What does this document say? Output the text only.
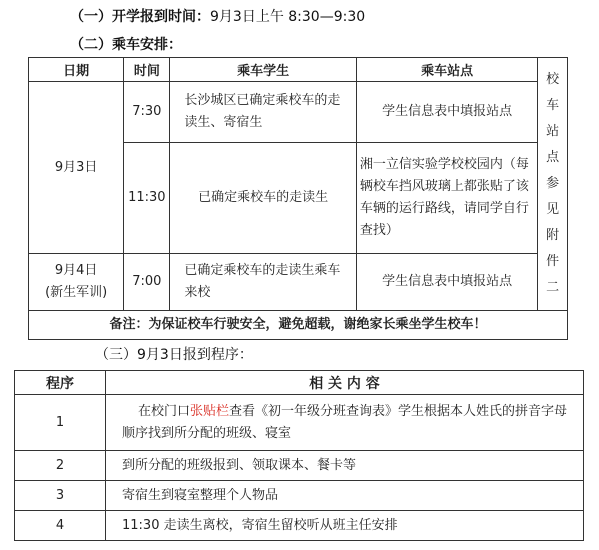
（一）开学报到时间：9月3日上午 8:30—9:30
（二）乘车安排：
日期	时间	乘车学生	乘车站点	校车站点参见附件二
9月3日	7:30	长沙城区已确定乘校车的走读生、寄宿生	学生信息表中填报站点	
	11:30	已确定乘校车的走读生	湘一立信实验学校校园内（每辆校车挡风玻璃上都张贴了该车辆的运行路线，请同学自行查找）	

9月4日
(新生军训)	7:00	已确定乘校车的走读生乘车来校	学生信息表中填报站点	
备注：为保证校车行驶安全，避免超载，谢绝家长乘坐学生校车！				
（三）9月3日报到程序：
程序	相 关 内 容
1	在校门口张贴栏查看《初一年级分班查询表》学生根据本人姓氏的拼音字母顺序找到所分配的班级、寝室
2	到所分配的班级报到、领取课本、餐卡等
3	寄宿生到寝室整理个人物品
4	11:30 走读生离校，寄宿生留校听从班主任安排
